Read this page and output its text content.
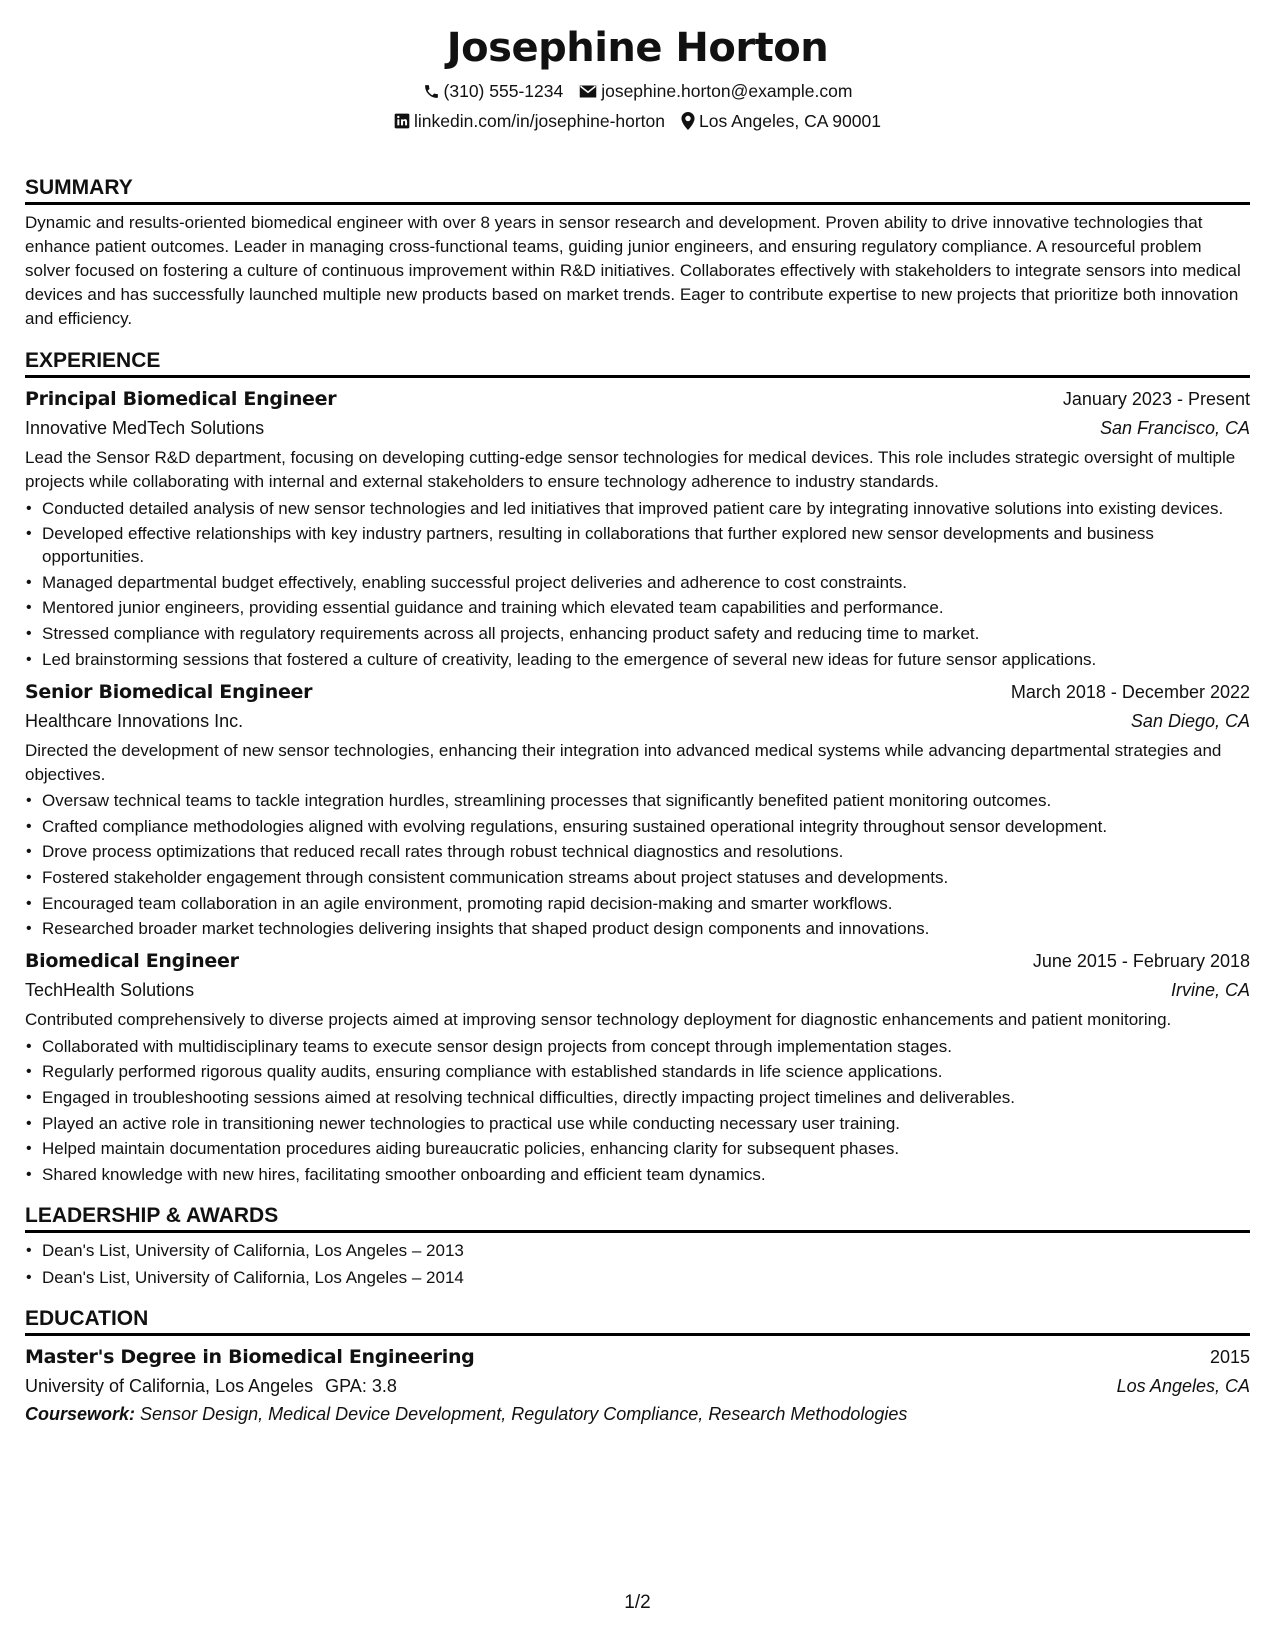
Josephine Horton
(310) 555-1234 josephine.horton@example.com
linkedin.com/in/josephine-horton Los Angeles, CA 90001
SUMMARY

Dynamic and results-oriented biomedical engineer with over 8 years in sensor research and development. Proven ability to drive innovative technologies that enhance patient outcomes. Leader in managing cross-functional teams, guiding junior engineers, and ensuring regulatory compliance. A resourceful problem solver focused on fostering a culture of continuous improvement within R&D initiatives. Collaborates effectively with stakeholders to integrate sensors into medical devices and has successfully launched multiple new products based on market trends. Eager to contribute expertise to new projects that prioritize both innovation and efficiency.

EXPERIENCE
Principal Biomedical Engineer	January 2023 - Present
Innovative MedTech Solutions	San Francisco, CA

Lead the Sensor R&D department, focusing on developing cutting-edge sensor technologies for medical devices. This role includes strategic oversight of multiple projects while collaborating with internal and external stakeholders to ensure technology adherence to industry standards.

• Conducted detailed analysis of new sensor technologies and led initiatives that improved patient care by integrating innovative solutions into existing devices.
• Developed effective relationships with key industry partners, resulting in collaborations that further explored new sensor developments and business opportunities.
• Managed departmental budget effectively, enabling successful project deliveries and adherence to cost constraints.
• Mentored junior engineers, providing essential guidance and training which elevated team capabilities and performance.
• Stressed compliance with regulatory requirements across all projects, enhancing product safety and reducing time to market.
• Led brainstorming sessions that fostered a culture of creativity, leading to the emergence of several new ideas for future sensor applications.
Senior Biomedical Engineer	March 2018 - December 2022
Healthcare Innovations Inc.	San Diego, CA

Directed the development of new sensor technologies, enhancing their integration into advanced medical systems while advancing departmental strategies and objectives.

• Oversaw technical teams to tackle integration hurdles, streamlining processes that significantly benefited patient monitoring outcomes.
• Crafted compliance methodologies aligned with evolving regulations, ensuring sustained operational integrity throughout sensor development.
• Drove process optimizations that reduced recall rates through robust technical diagnostics and resolutions.
• Fostered stakeholder engagement through consistent communication streams about project statuses and developments.
• Encouraged team collaboration in an agile environment, promoting rapid decision-making and smarter workflows.
• Researched broader market technologies delivering insights that shaped product design components and innovations.
Biomedical Engineer	June 2015 - February 2018
TechHealth Solutions	Irvine, CA

Contributed comprehensively to diverse projects aimed at improving sensor technology deployment for diagnostic enhancements and patient monitoring.

• Collaborated with multidisciplinary teams to execute sensor design projects from concept through implementation stages.
• Regularly performed rigorous quality audits, ensuring compliance with established standards in life science applications.
• Engaged in troubleshooting sessions aimed at resolving technical difficulties, directly impacting project timelines and deliverables.
• Played an active role in transitioning newer technologies to practical use while conducting necessary user training.
• Helped maintain documentation procedures aiding bureaucratic policies, enhancing clarity for subsequent phases.
• Shared knowledge with new hires, facilitating smoother onboarding and efficient team dynamics.
LEADERSHIP & AWARDS
• Dean's List, University of California, Los Angeles – 2013
• Dean's List, University of California, Los Angeles – 2014
EDUCATION
Master's Degree in Biomedical Engineering	2015
University of California, Los Angeles GPA: 3.8	Los Angeles, CA
Coursework: Sensor Design, Medical Device Development, Regulatory Compliance, Research Methodologies
1/2
